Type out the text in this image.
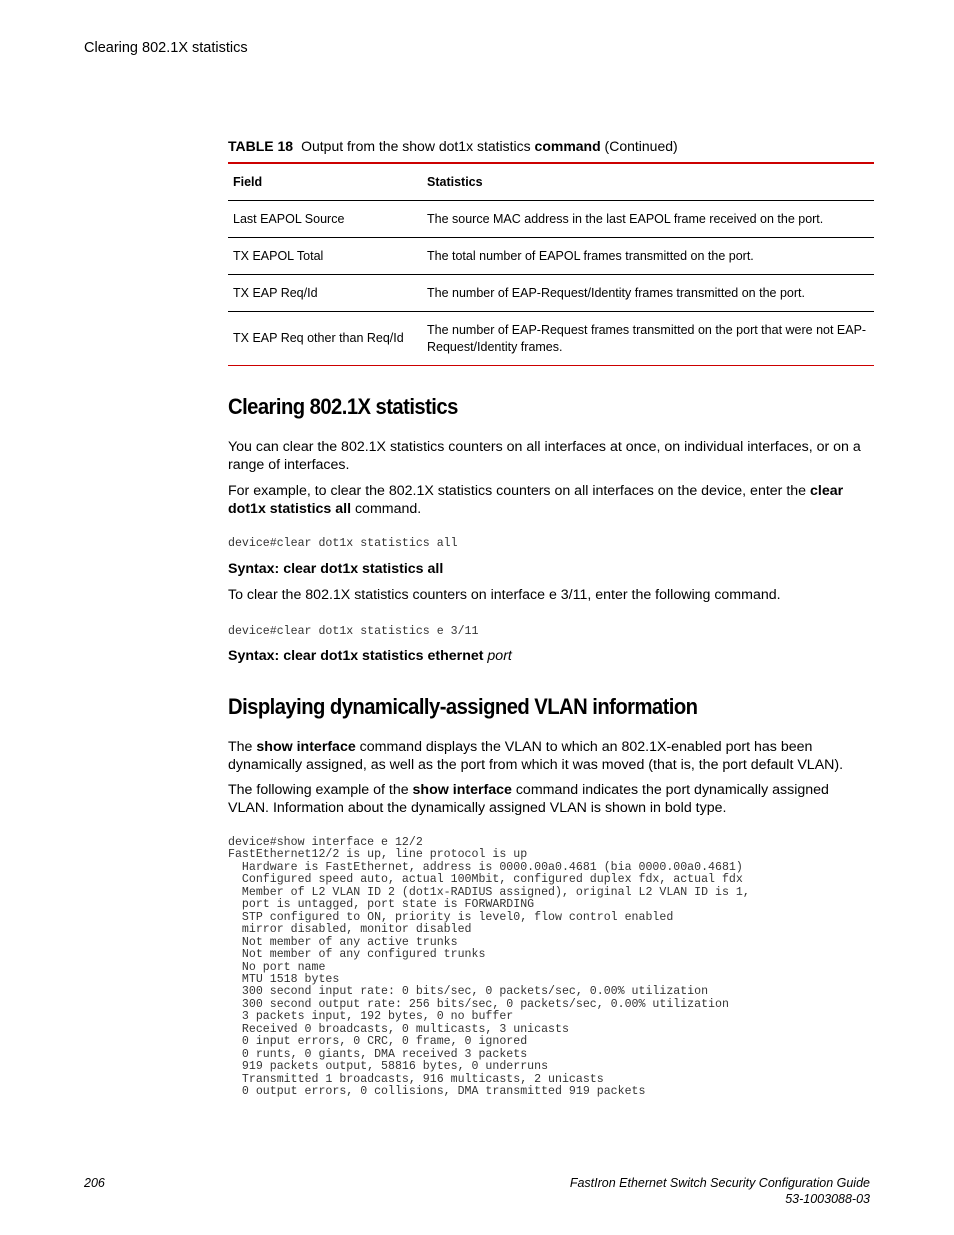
Clearing 802.1X statistics
TABLE 18 Output from the show dot1x statistics command (Continued)

Field	Statistics
Last EAPOL Source	The source MAC address in the last EAPOL frame received on the port.
TX EAPOL Total	The total number of EAPOL frames transmitted on the port.
TX EAP Req/Id	The number of EAP-Request/Identity frames transmitted on the port.
TX EAP Req other than Req/Id	The number of EAP-Request frames transmitted on the port that were not EAP-Request/Identity frames.
Clearing 802.1X statistics

You can clear the 802.1X statistics counters on all interfaces at once, on individual interfaces, or on a range of interfaces.

For example, to clear the 802.1X statistics counters on all interfaces on the device, enter the clear dot1x statistics all command.

device#clear dot1x statistics all
Syntax: clear dot1x statistics all

To clear the 802.1X statistics counters on interface e 3/11, enter the following command.

device#clear dot1x statistics e 3/11
Syntax: clear dot1x statistics ethernet port
Displaying dynamically-assigned VLAN information

The show interface command displays the VLAN to which an 802.1X-enabled port has been dynamically assigned, as well as the port from which it was moved (that is, the port default VLAN).

The following example of the show interface command indicates the port dynamically assigned VLAN. Information about the dynamically assigned VLAN is shown in bold type.

device#show interface e 12/2
FastEthernet12/2 is up, line protocol is up
Hardware is FastEthernet, address is 0000.00a0.4681 (bia 0000.00a0.4681)
Configured speed auto, actual 100Mbit, configured duplex fdx, actual fdx
Member of L2 VLAN ID 2 (dot1x-RADIUS assigned), original L2 VLAN ID is 1,
port is untagged, port state is FORWARDING
STP configured to ON, priority is level0, flow control enabled
mirror disabled, monitor disabled
Not member of any active trunks
Not member of any configured trunks
No port name
MTU 1518 bytes
300 second input rate: 0 bits/sec, 0 packets/sec, 0.00% utilization
300 second output rate: 256 bits/sec, 0 packets/sec, 0.00% utilization
3 packets input, 192 bytes, 0 no buffer
Received 0 broadcasts, 0 multicasts, 3 unicasts
0 input errors, 0 CRC, 0 frame, 0 ignored
0 runts, 0 giants, DMA received 3 packets
919 packets output, 58816 bytes, 0 underruns
Transmitted 1 broadcasts, 916 multicasts, 2 unicasts
0 output errors, 0 collisions, DMA transmitted 919 packets
206	FastIron Ethernet Switch Security Configuration Guide
53-1003088-03
